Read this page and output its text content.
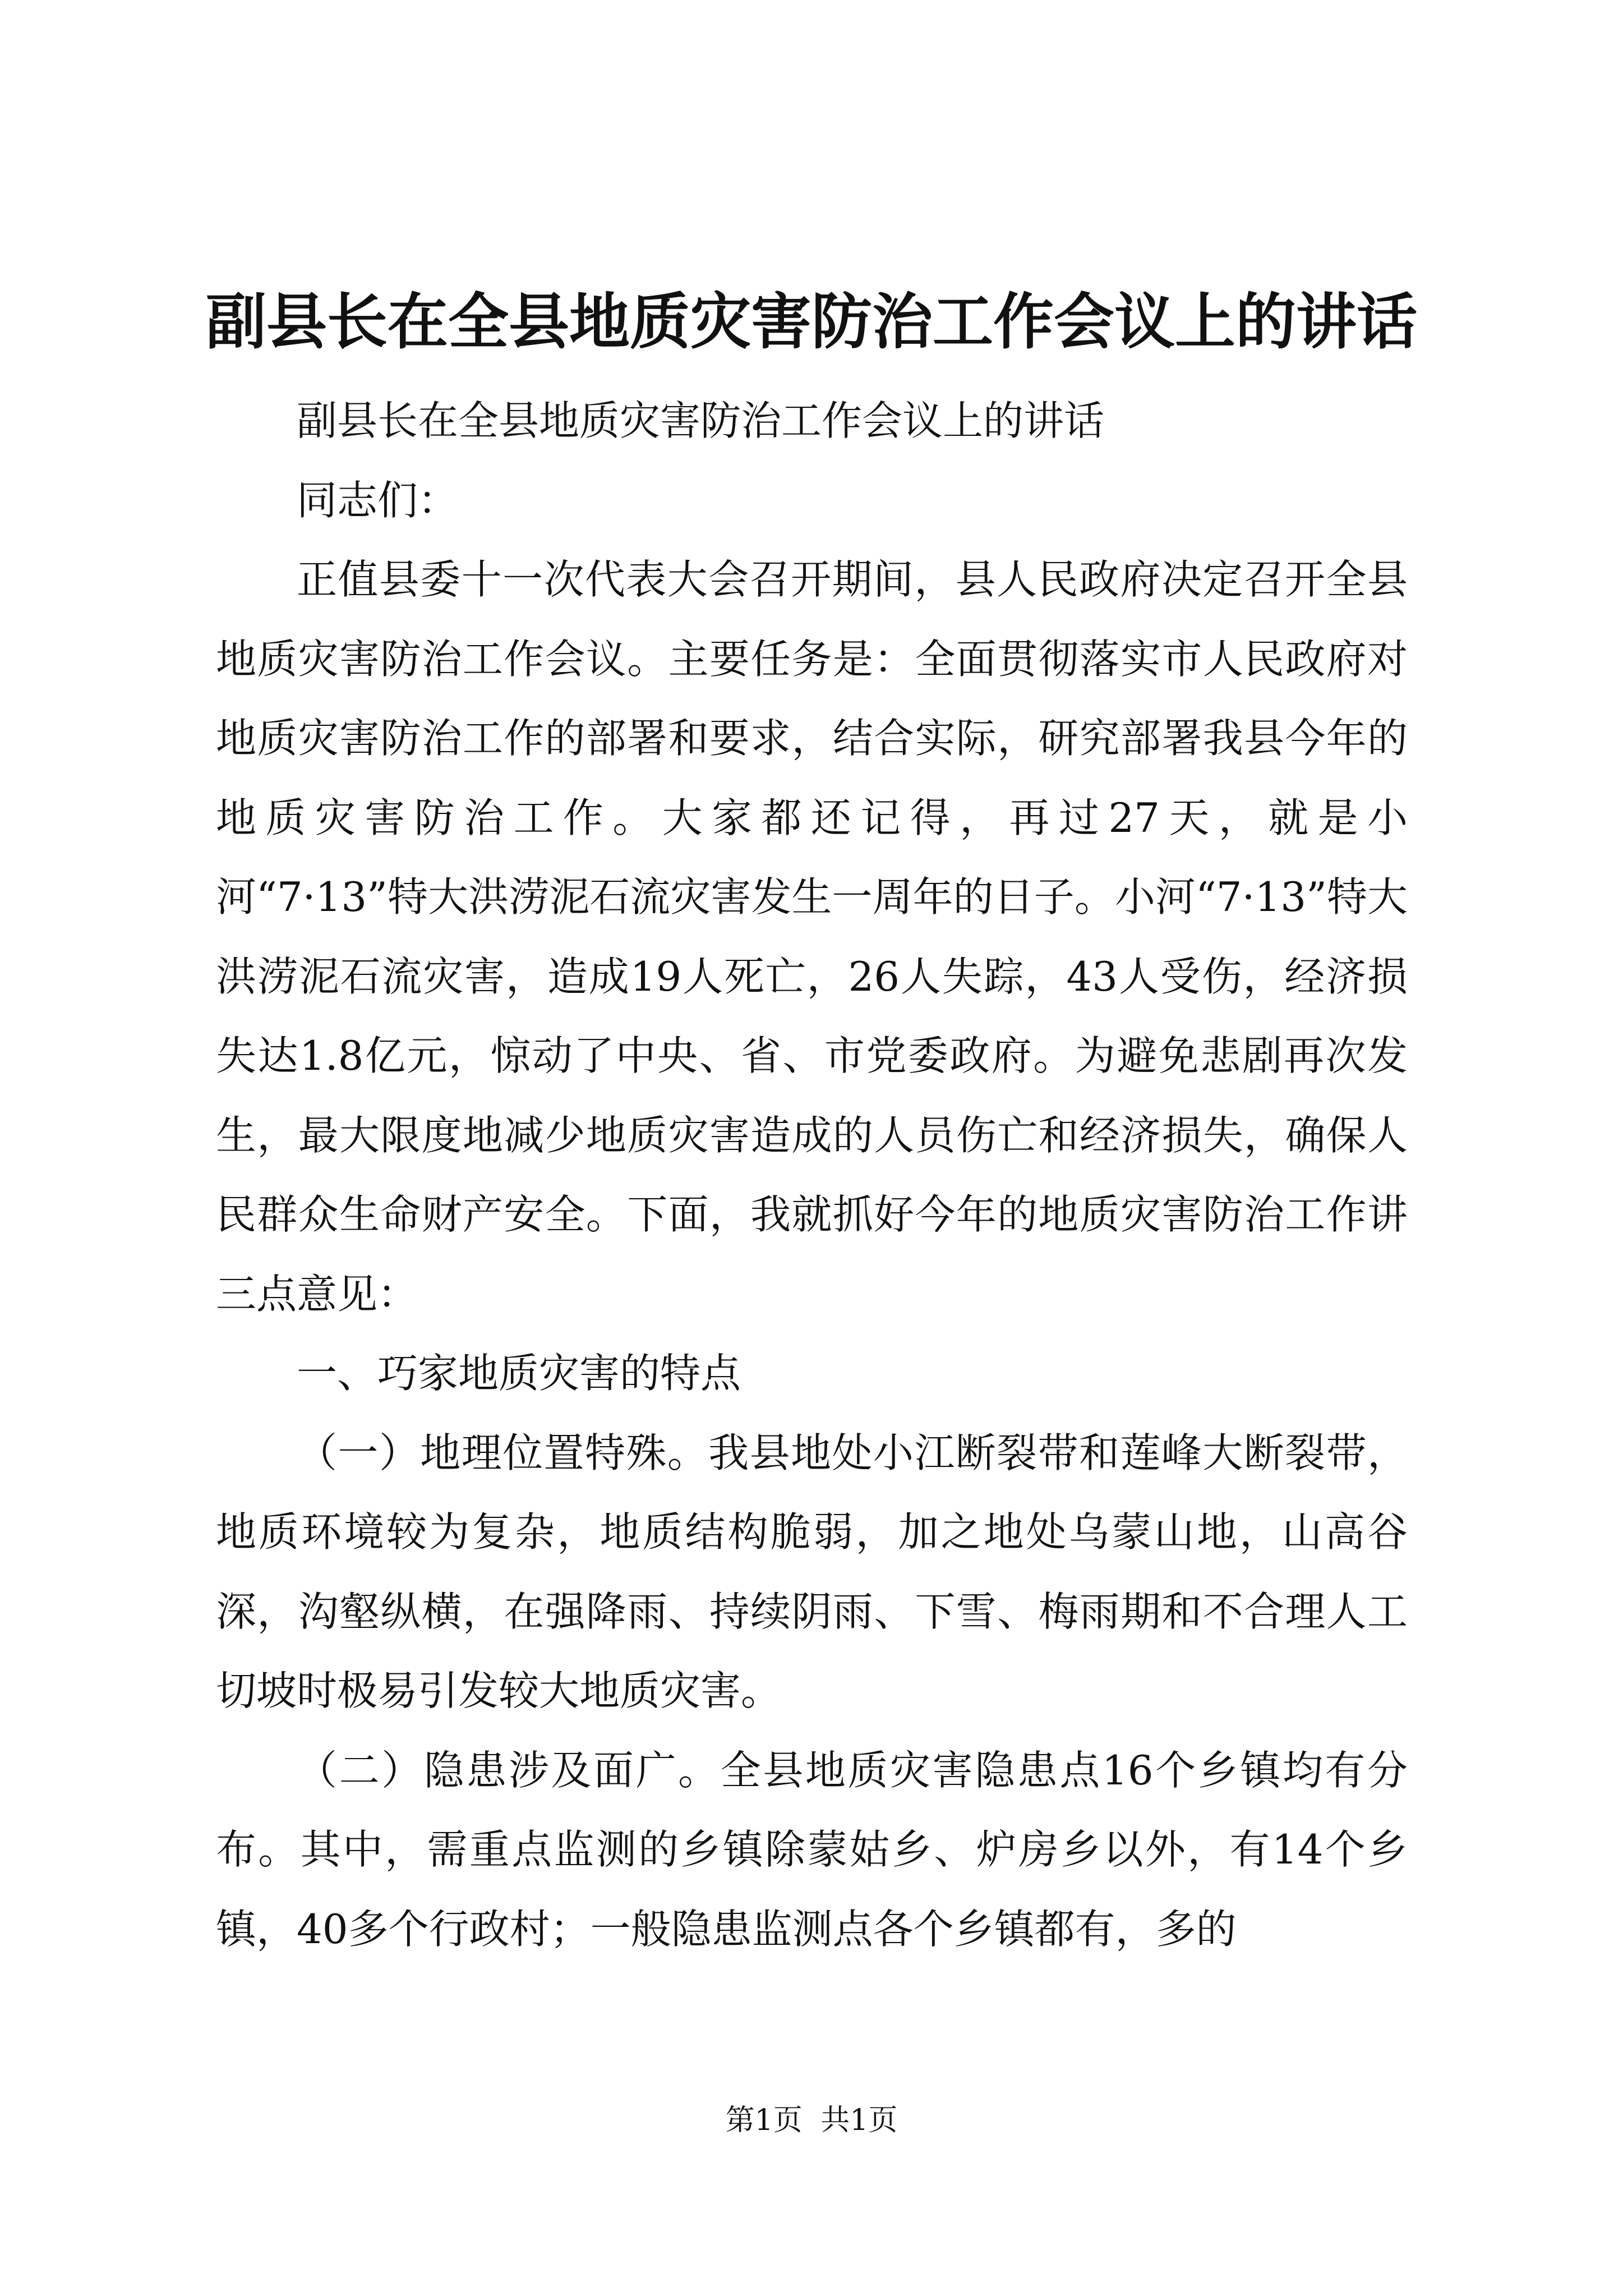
副县长在全县地质灾害防治工作会议上的讲话

副县长在全县地质灾害防治工作会议上的讲话

同志们：

正值县委十一次代表大会召开期间，县人民政府决定召开全县地质灾害防治工作会议。主要任务是：全面贯彻落实市人民政府对地质灾害防治工作的部署和要求，结合实际，研究部署我县今年的地质灾害防治工作。大家都还记得，再过27天，就是小河“7·13”特大洪涝泥石流灾害发生一周年的日子。小河“7·13”特大洪涝泥石流灾害，造成19人死亡，26人失踪，43人受伤，经济损失达1.8亿元，惊动了中央、省、市党委政府。为避免悲剧再次发生，最大限度地减少地质灾害造成的人员伤亡和经济损失，确保人民群众生命财产安全。下面，我就抓好今年的地质灾害防治工作讲三点意见：

一、巧家地质灾害的特点

（一）地理位置特殊。我县地处小江断裂带和莲峰大断裂带，地质环境较为复杂，地质结构脆弱，加之地处乌蒙山地，山高谷深，沟壑纵横，在强降雨、持续阴雨、下雪、梅雨期和不合理人工切坡时极易引发较大地质灾害。

（二）隐患涉及面广。全县地质灾害隐患点16个乡镇均有分布。其中，需重点监测的乡镇除蒙姑乡、炉房乡以外，有14个乡镇，40多个行政村；一般隐患监测点各个乡镇都有，多的

第1页 共1页
